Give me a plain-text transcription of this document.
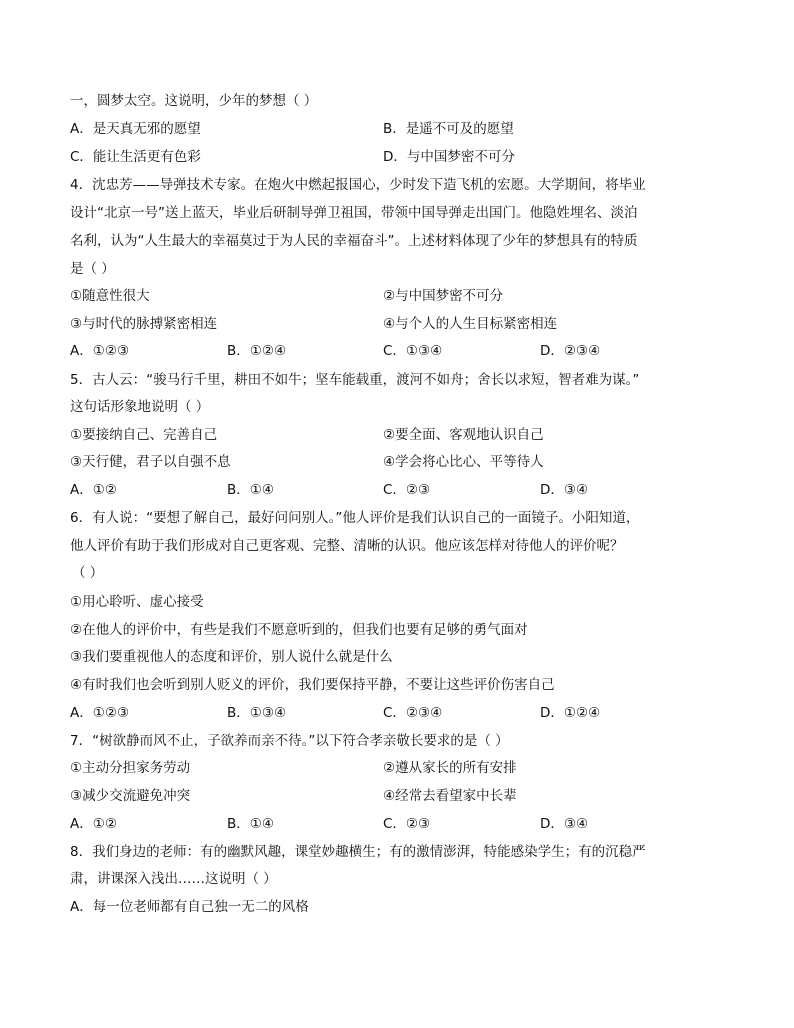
一，圆梦太空。这说明，少年的梦想（ ）
A．是天真无邪的愿望	B．是遥不可及的愿望
C．能让生活更有色彩	D．与中国梦密不可分
4．沈忠芳——导弹技术专家。在炮火中燃起报国心，少时发下造飞机的宏愿。大学期间，将毕业
设计“北京一号”送上蓝天，毕业后研制导弹卫祖国，带领中国导弹走出国门。他隐姓埋名、淡泊
名利，认为“人生最大的幸福莫过于为人民的幸福奋斗”。上述材料体现了少年的梦想具有的特质
是（ ）
①随意性很大	②与中国梦密不可分
③与时代的脉搏紧密相连	④与个人的人生目标紧密相连
A．①②③	B．①②④	C．①③④	D．②③④
5．古人云：“骏马行千里，耕田不如牛；坚车能载重，渡河不如舟；舍长以求短，智者难为谋。”
这句话形象地说明（ ）
①要接纳自己、完善自己	②要全面、客观地认识自己
③天行健，君子以自强不息	④学会将心比心、平等待人
A．①②	B．①④	C．②③	D．③④
6．有人说：“要想了解自己，最好问问别人。”他人评价是我们认识自己的一面镜子。小阳知道，
他人评价有助于我们形成对自己更客观、完整、清晰的认识。他应该怎样对待他人的评价呢？
（ ）
①用心聆听、虚心接受
②在他人的评价中，有些是我们不愿意听到的，但我们也要有足够的勇气面对
③我们要重视他人的态度和评价，别人说什么就是什么
④有时我们也会听到别人贬义的评价，我们要保持平静，不要让这些评价伤害自己
A．①②③	B．①③④	C．②③④	D．①②④
7．“树欲静而风不止，子欲养而亲不待。”以下符合孝亲敬长要求的是（ ）
①主动分担家务劳动	②遵从家长的所有安排
③减少交流避免冲突	④经常去看望家中长辈
A．①②	B．①④	C．②③	D．③④
8．我们身边的老师：有的幽默风趣，课堂妙趣横生；有的激情澎湃，特能感染学生；有的沉稳严
肃，讲课深入浅出……这说明（ ）
A．每一位老师都有自己独一无二的风格
